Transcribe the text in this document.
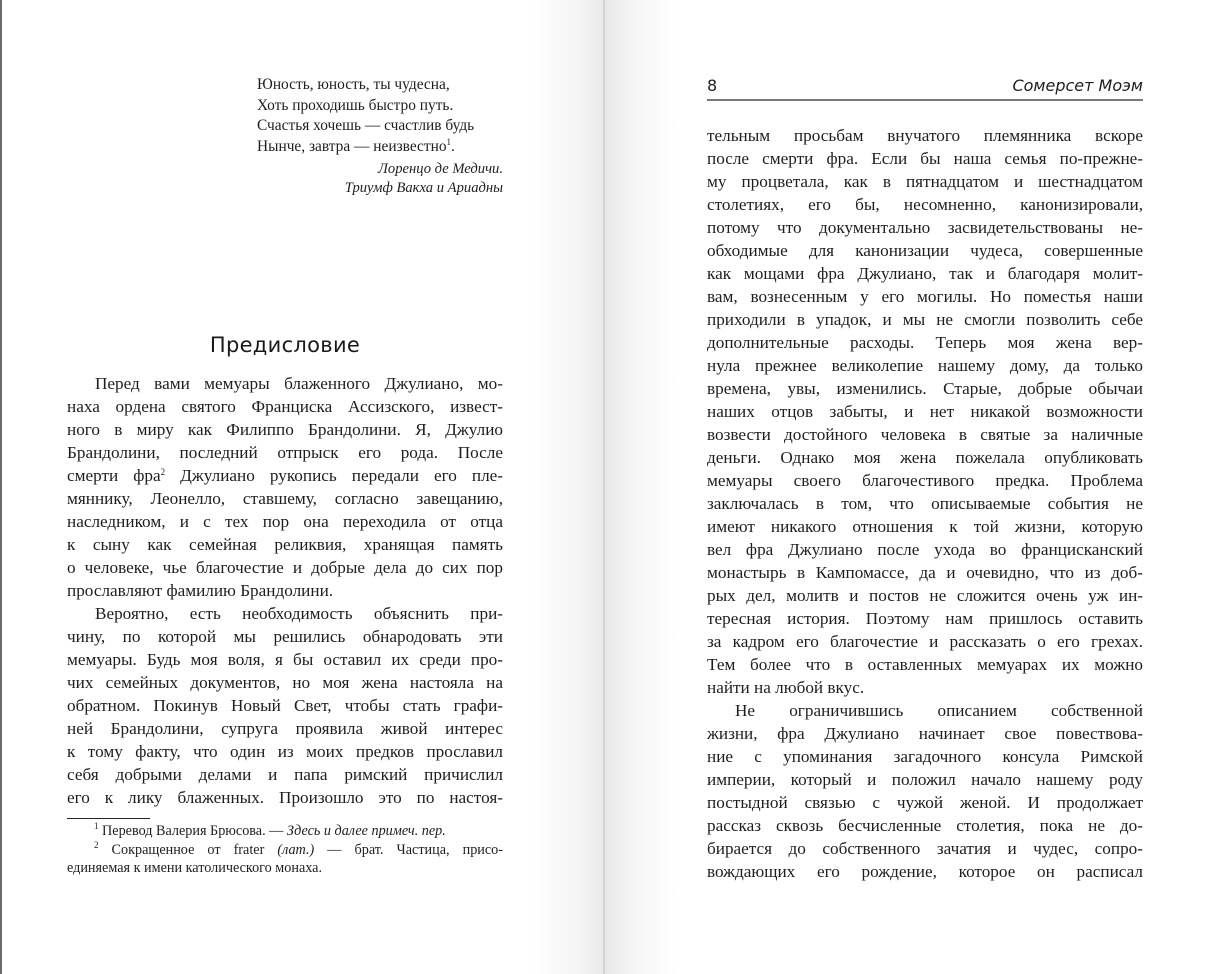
Юность, юность, ты чудесна,
Хоть проходишь быстро путь.
Счастья хочешь — счастлив будь
Нынче, завтра — неизвестно$^1$.
Лоренцо де Медичи.
Триумф Вакха и Ариадны
Предисловие
Перед вами мемуары блаженного Джулиано, мо-
наха ордена святого Франциска Ассизского, извест-
ного в миру как Филиппо Брандолини. Я, Джулио
Брандолини, последний отпрыск его рода. После
смерти фра$^2$ Джулиано рукопись передали его пле-
мяннику, Леонелло, ставшему, согласно завещанию,
наследником, и с тех пор она переходила от отца
к сыну как семейная реликвия, хранящая память
о человеке, чье благочестие и добрые дела до сих пор
прославляют фамилию Брандолини.
Вероятно, есть необходимость объяснить при-
чину, по которой мы решились обнародовать эти
мемуары. Будь моя воля, я бы оставил их среди про-
чих семейных документов, но моя жена настояла на
обратном. Покинув Новый Свет, чтобы стать графи-
ней Брандолини, супруга проявила живой интерес
к тому факту, что один из моих предков прославил
себя добрыми делами и папа римский причислил
его к лику блаженных. Произошло это по настоя-
$^1$ Перевод Валерия Брюсова. — Здесь и далее примеч. пер.
$^2$ Сокращенное от frater (лат.) — брат. Частица, присо-
единяемая к имени католического монаха.
8	Сомерсет Моэм
тельным просьбам внучатого племянника вскоре
после смерти фра. Если бы наша семья по-прежне-
му процветала, как в пятнадцатом и шестнадцатом
столетиях, его бы, несомненно, канонизировали,
потому что документально засвидетельствованы не-
обходимые для канонизации чудеса, совершенные
как мощами фра Джулиано, так и благодаря молит-
вам, вознесенным у его могилы. Но поместья наши
приходили в упадок, и мы не смогли позволить себе
дополнительные расходы. Теперь моя жена вер-
нула прежнее великолепие нашему дому, да только
времена, увы, изменились. Старые, добрые обычаи
наших отцов забыты, и нет никакой возможности
возвести достойного человека в святые за наличные
деньги. Однако моя жена пожелала опубликовать
мемуары своего благочестивого предка. Проблема
заключалась в том, что описываемые события не
имеют никакого отношения к той жизни, которую
вел фра Джулиано после ухода во францисканский
монастырь в Кампомассе, да и очевидно, что из доб-
рых дел, молитв и постов не сложится очень уж ин-
тересная история. Поэтому нам пришлось оставить
за кадром его благочестие и рассказать о его грехах.
Тем более что в оставленных мемуарах их можно
найти на любой вкус.
Не ограничившись описанием собственной
жизни, фра Джулиано начинает свое повествова-
ние с упоминания загадочного консула Римской
империи, который и положил начало нашему роду
постыдной связью с чужой женой. И продолжает
рассказ сквозь бесчисленные столетия, пока не до-
бирается до собственного зачатия и чудес, сопро-
вождающих его рождение, которое он расписал
